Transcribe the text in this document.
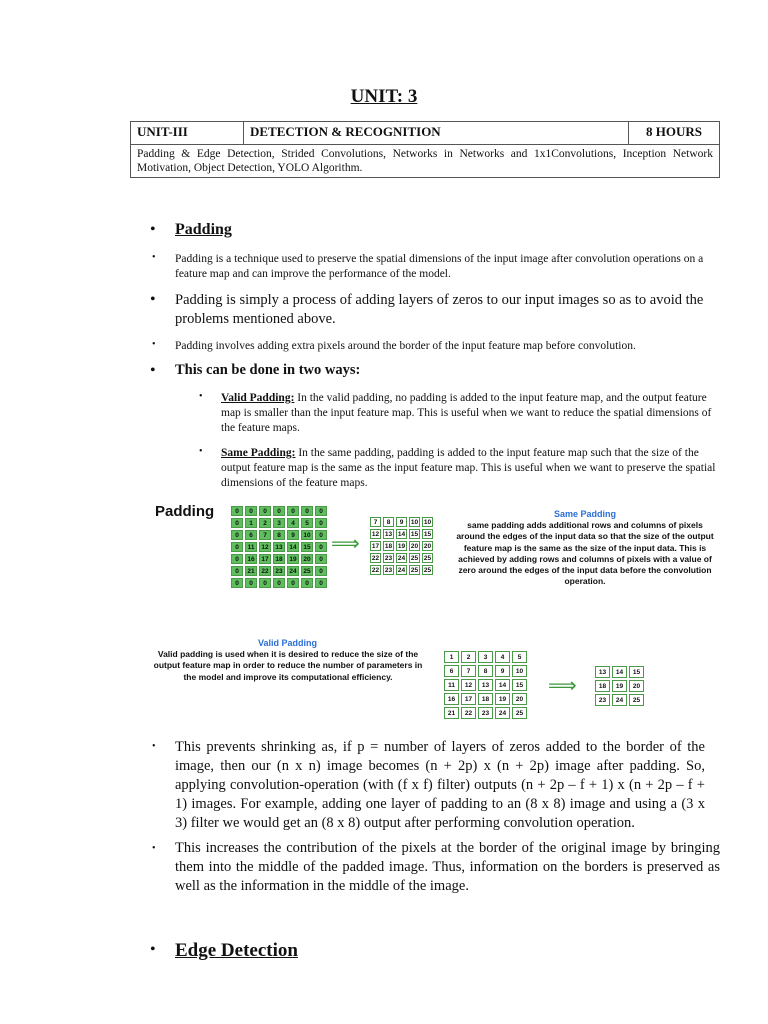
UNIT: 3
UNIT-III	DETECTION & RECOGNITION	8 HOURS
Padding & Edge Detection, Strided Convolutions, Networks in Networks and 1x1Convolutions, Inception Network Motivation, Object Detection, YOLO Algorithm.
• Padding
• Padding is a technique used to preserve the spatial dimensions of the input image after convolution operations on a feature map and can improve the performance of the model.
• Padding is simply a process of adding layers of zeros to our input images so as to avoid the problems mentioned above.
• Padding involves adding extra pixels around the border of the input feature map before convolution.
• This can be done in two ways:
• Valid Padding: In the valid padding, no padding is added to the input feature map, and the output feature map is smaller than the input feature map. This is useful when we want to reduce the spatial dimensions of the feature maps.
• Same Padding: In the same padding, padding is added to the input feature map such that the size of the output feature map is the same as the input feature map. This is useful when we want to preserve the spatial dimensions of the feature maps.
Padding	0	0	0	0	0	0	0
0	1	2	3	4	5	0
0	6	7	8	9	10	0
0	11	12	13	14	15	0
0	16	17	18	19	20	0
0	21	22	23	24	25	0
0	0	0	0	0	0	0
⟹
7	8	9	10 10
12 13 14 15 15
17 18 19 20 20
22 23 24 25 25
22 23 24 25 25
Same Padding
same padding adds additional rows and columns of pixels around the edges of the input data so that the size of the output feature map is the same as the size of the input data. This is achieved by adding rows and columns of pixels with a value of zero around the edges of the input data before the convolution operation.
Valid Padding
Valid padding is used when it is desired to reduce the size of the output feature map in order to reduce the number of parameters in the model and improve its computational efficiency.
1	2	3	4	5
6	7	8	9	10
11	12	13	14	15
16	17	18	19	20
21	22	23	24	25
⟹
13	14	15
18	19	20
23	24	25
• This prevents shrinking as, if p = number of layers of zeros added to the border of the image, then our (n x n) image becomes (n + 2p) x (n + 2p) image after padding. So, applying convolution-operation (with (f x f) filter) outputs (n + 2p – f + 1) x (n + 2p – f + 1) images. For example, adding one layer of padding to an (8 x 8) image and using a (3 x 3) filter we would get an (8 x 8) output after performing convolution operation.
• This increases the contribution of the pixels at the border of the original image by bringing them into the middle of the padded image. Thus, information on the borders is preserved as well as the information in the middle of the image.
• Edge Detection
